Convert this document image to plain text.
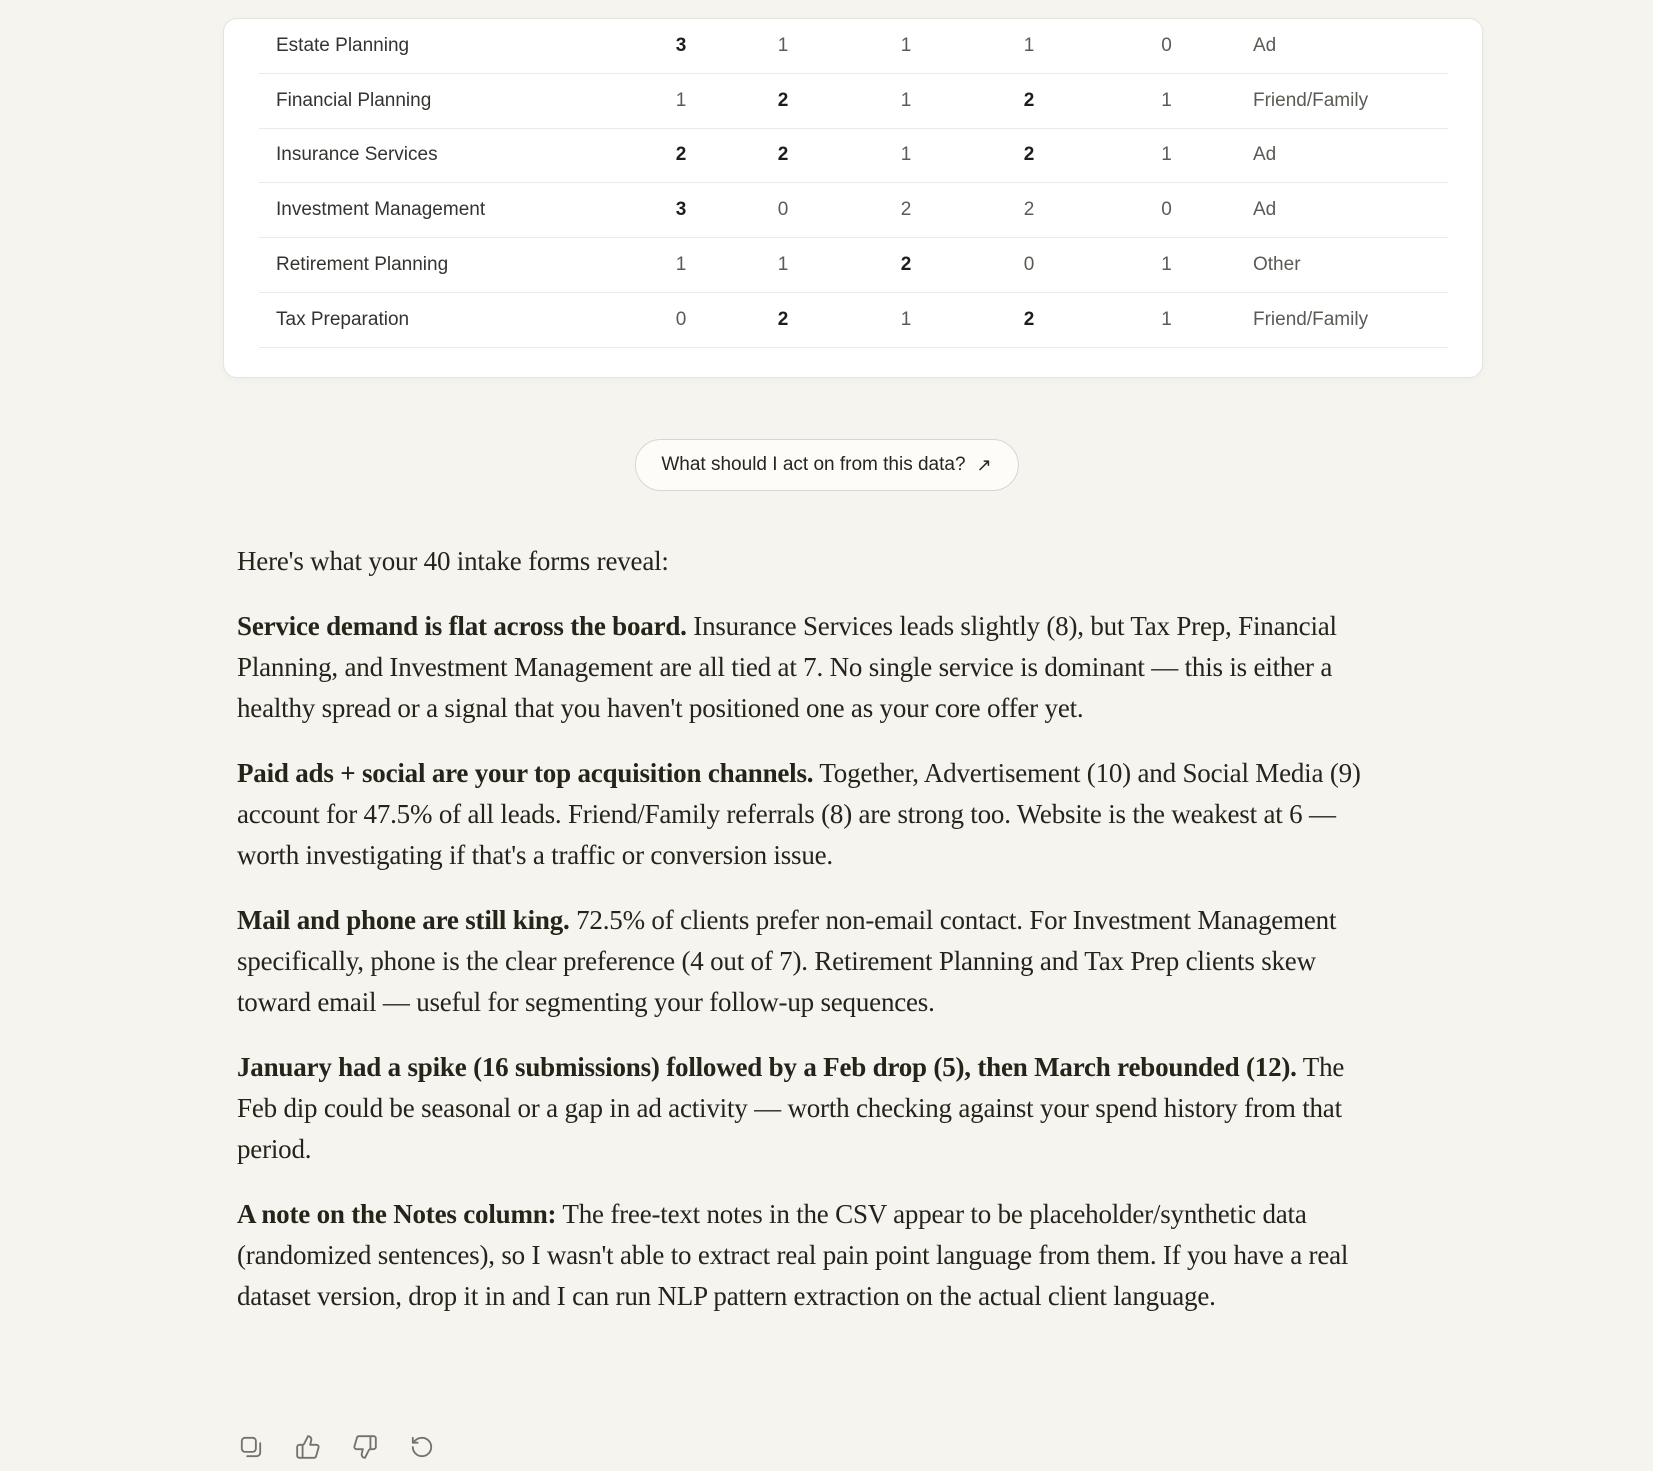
Estate Planning	3	1	1	1	0	Ad
Financial Planning	1	2	1	2	1	Friend/Family
Insurance Services	2	2	1	2	1	Ad
Investment Management	3	0	2	2	0	Ad
Retirement Planning	1	1	2	0	1	Other
Tax Preparation	0	2	1	2	1	Friend/Family
What should I act on from this data? ↗

Here's what your 40 intake forms reveal:

Service demand is flat across the board. Insurance Services leads slightly (8), but Tax Prep, Financial Planning, and Investment Management are all tied at 7. No single service is dominant — this is either a healthy spread or a signal that you haven't positioned one as your core offer yet.

Paid ads + social are your top acquisition channels. Together, Advertisement (10) and Social Media (9) account for 47.5% of all leads. Friend/Family referrals (8) are strong too. Website is the weakest at 6 — worth investigating if that's a traffic or conversion issue.

Mail and phone are still king. 72.5% of clients prefer non-email contact. For Investment Management specifically, phone is the clear preference (4 out of 7). Retirement Planning and Tax Prep clients skew toward email — useful for segmenting your follow-up sequences.

January had a spike (16 submissions) followed by a Feb drop (5), then March rebounded (12). The Feb dip could be seasonal or a gap in ad activity — worth checking against your spend history from that period.

A note on the Notes column: The free-text notes in the CSV appear to be placeholder/synthetic data (randomized sentences), so I wasn't able to extract real pain point language from them. If you have a real dataset version, drop it in and I can run NLP pattern extraction on the actual client language.
